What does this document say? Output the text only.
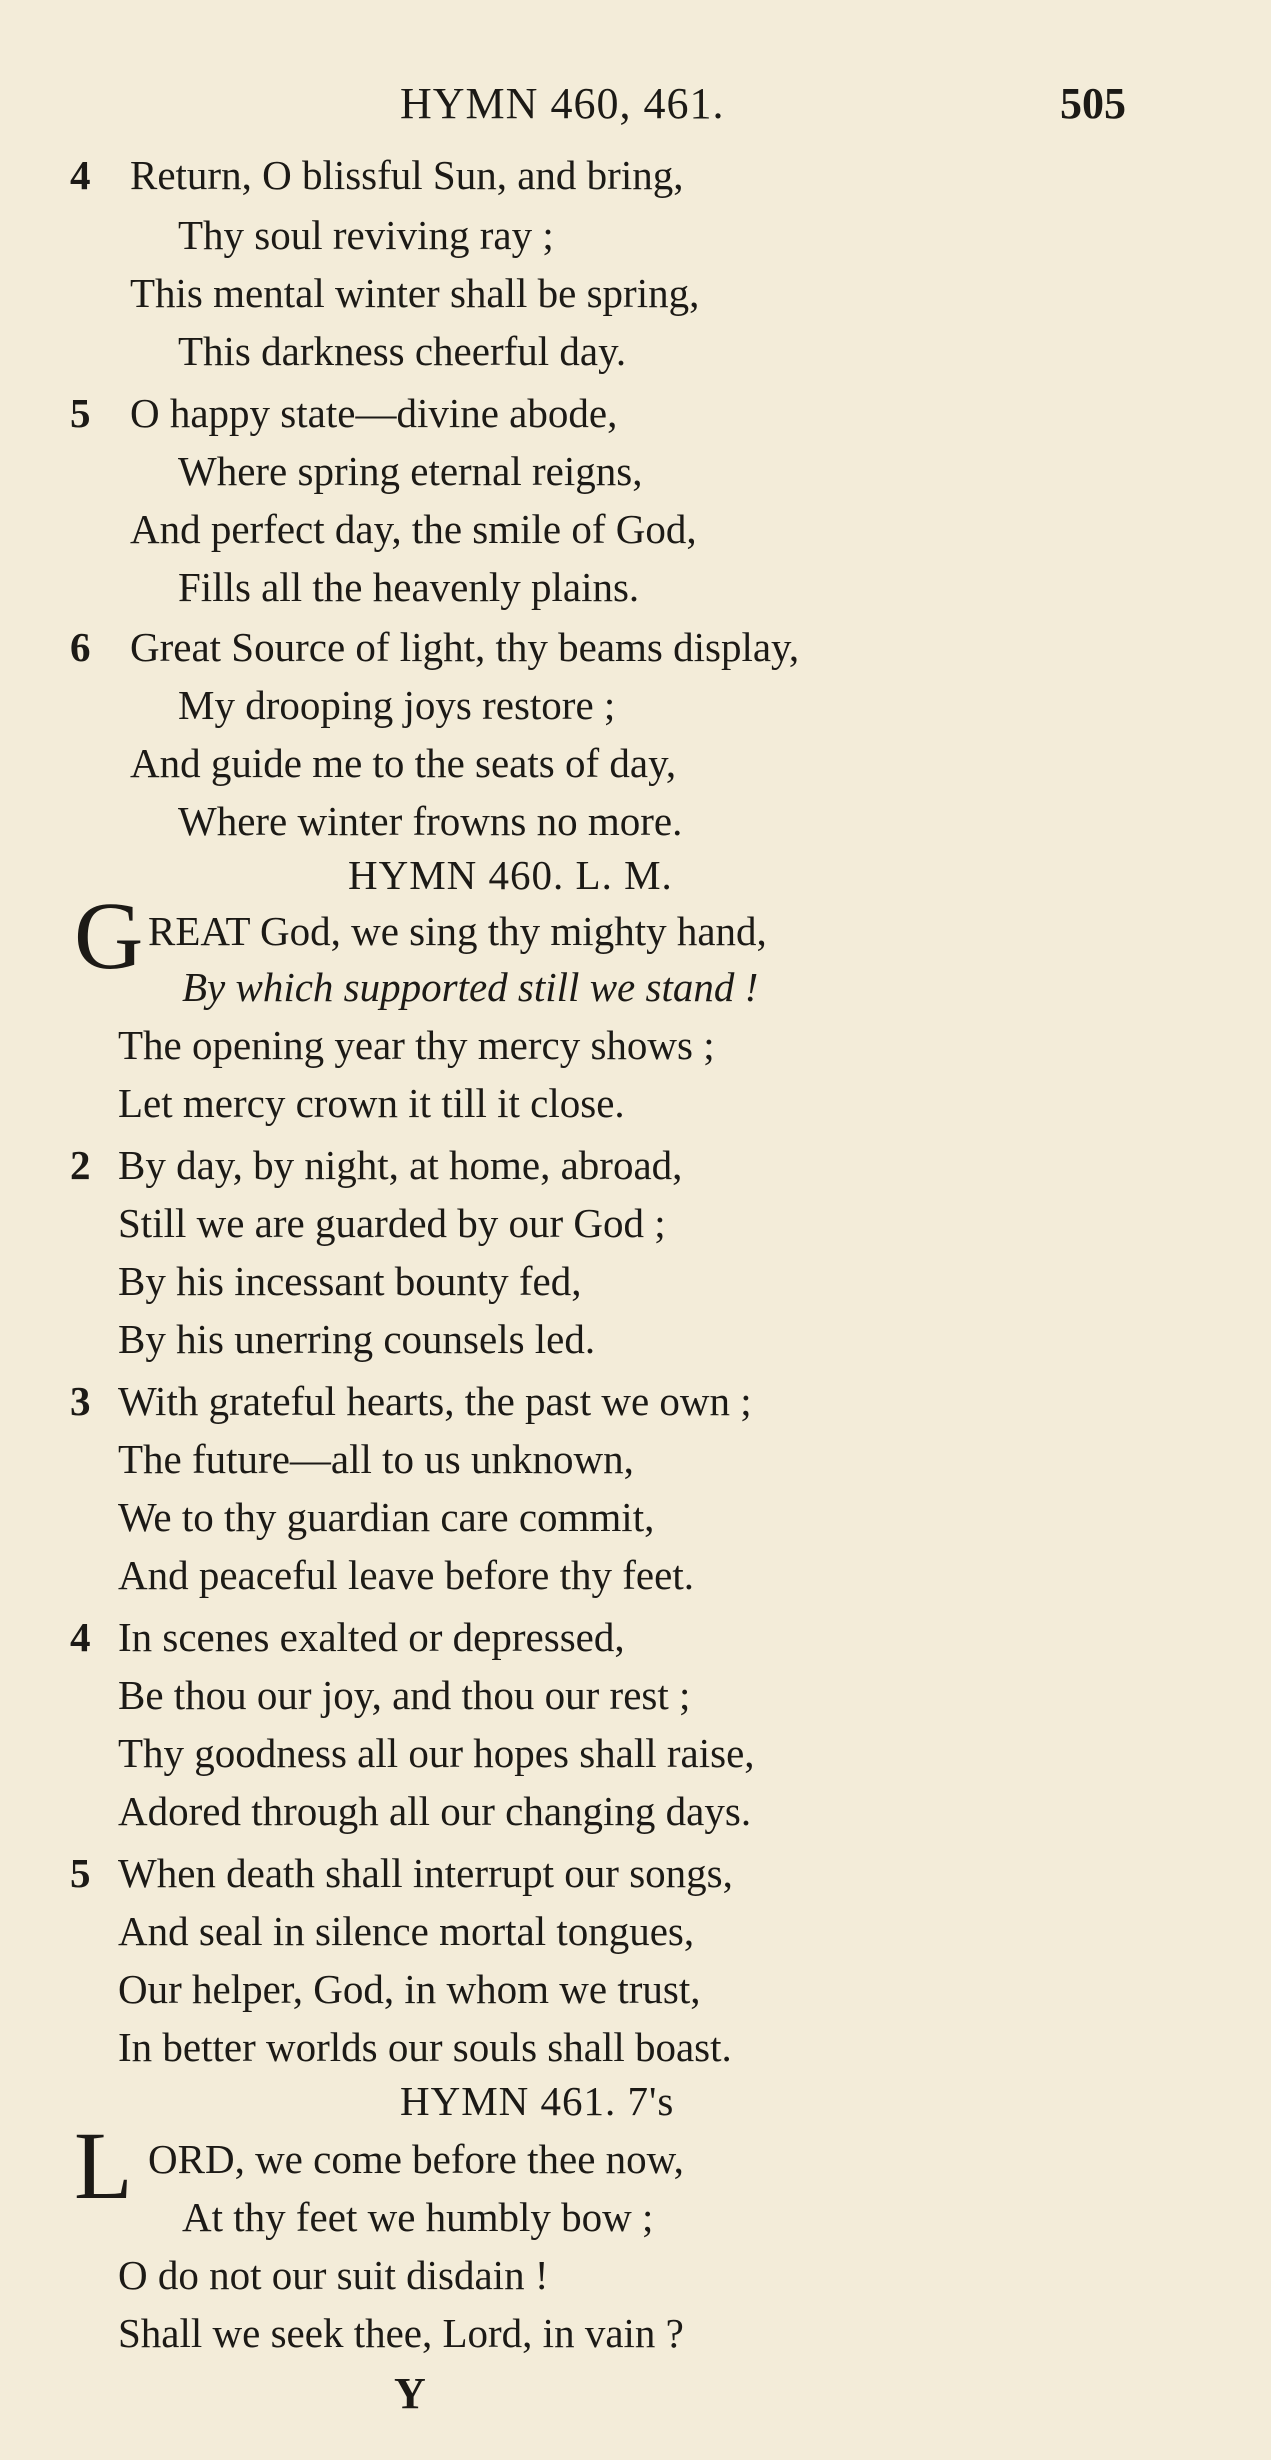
HYMN 460, 461.	505
4 Return, O blissful Sun, and bring,
Thy soul reviving ray ;
This mental winter shall be spring,
This darkness cheerful day.
5 O happy state—divine abode,
Where spring eternal reigns,
And perfect day, the smile of God,
Fills all the heavenly plains.
6 Great Source of light, thy beams display,
My drooping joys restore ;
And guide me to the seats of day,
Where winter frowns no more.
HYMN 460. L. M.
G REAT God, we sing thy mighty hand,
By which supported still we stand !
The opening year thy mercy shows ;
Let mercy crown it till it close.
2 By day, by night, at home, abroad,
Still we are guarded by our God ;
By his incessant bounty fed,
By his unerring counsels led.
3 With grateful hearts, the past we own ;
The future—all to us unknown,
We to thy guardian care commit,
And peaceful leave before thy feet.
4 In scenes exalted or depressed,
Be thou our joy, and thou our rest ;
Thy goodness all our hopes shall raise,
Adored through all our changing days.
5 When death shall interrupt our songs,
And seal in silence mortal tongues,
Our helper, God, in whom we trust,
In better worlds our souls shall boast.
HYMN 461. 7's
L ORD, we come before thee now,
At thy feet we humbly bow ;
O do not our suit disdain !
Shall we seek thee, Lord, in vain ?
Y
